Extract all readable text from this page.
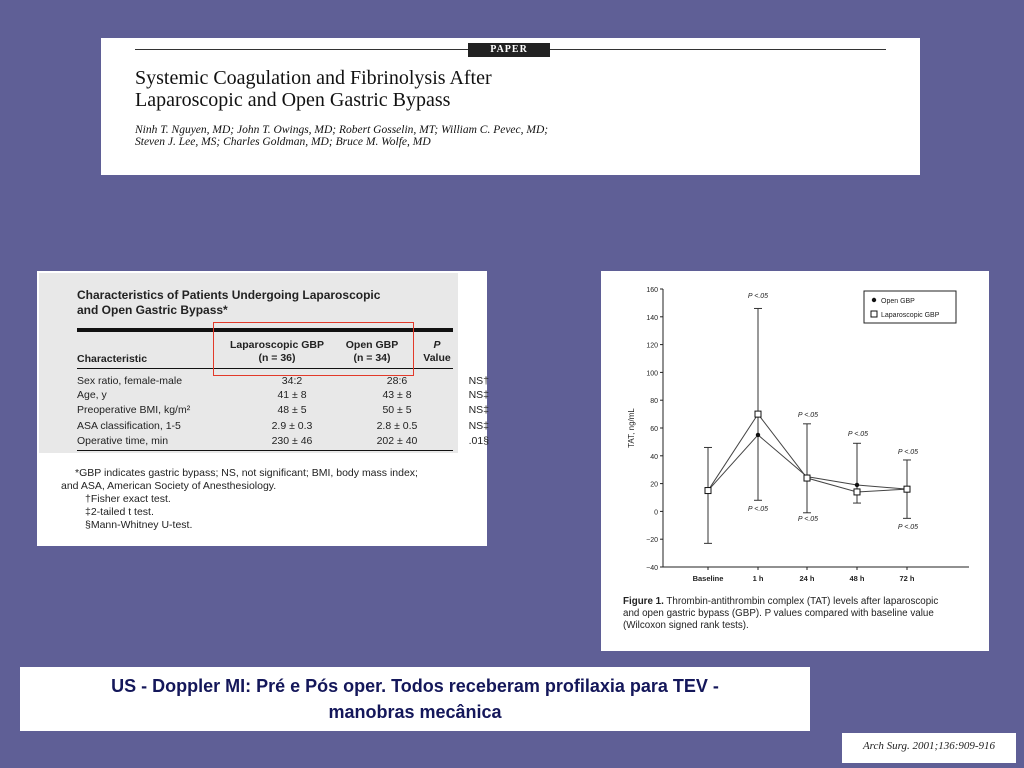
PAPER
Systemic Coagulation and Fibrinolysis After
Laparoscopic and Open Gastric Bypass
Ninh T. Nguyen, MD; John T. Owings, MD; Robert Gosselin, MT; William C. Pevec, MD;
Steven J. Lee, MS; Charles Goldman, MD; Bruce M. Wolfe, MD
Characteristics of Patients Undergoing Laparoscopic
and Open Gastric Bypass*
Characteristic
Laparoscopic GBP
(n = 36)
Open GBP
(n = 34)
P
Value
Sex ratio, female-male	34:2	28:6	NS†
Age, y	41 ± 8	43 ± 8	NS‡
Preoperative BMI, kg/m²	48 ± 5	50 ± 5	NS‡
ASA classification, 1-5	2.9 ± 0.3	2.8 ± 0.5	NS‡
Operative time, min	230 ± 46	202 ± 40	.01§
*GBP indicates gastric bypass; NS, not significant; BMI, body mass index;
and ASA, American Society of Anesthesiology.
†Fisher exact test.
‡2-tailed t test.
§Mann-Whitney U-test.
160
140
120
100
80
60
40
20
0
−20
−40
TAT, ng/mL
Baseline	1 h	24 h	48 h	72 h
P <.05
P <.05
P <.05
P <.05
P <.05
P <.05
P <.05
Open GBP
Laparoscopic GBP
Figure 1. Thrombin-antithrombin complex (TAT) levels after laparoscopic
and open gastric bypass (GBP). P values compared with baseline value
(Wilcoxon signed rank tests).
US - Doppler MI: Pré e Pós oper. Todos receberam profilaxia para TEV -
manobras mecânica
Arch Surg. 2001;136:909-916
